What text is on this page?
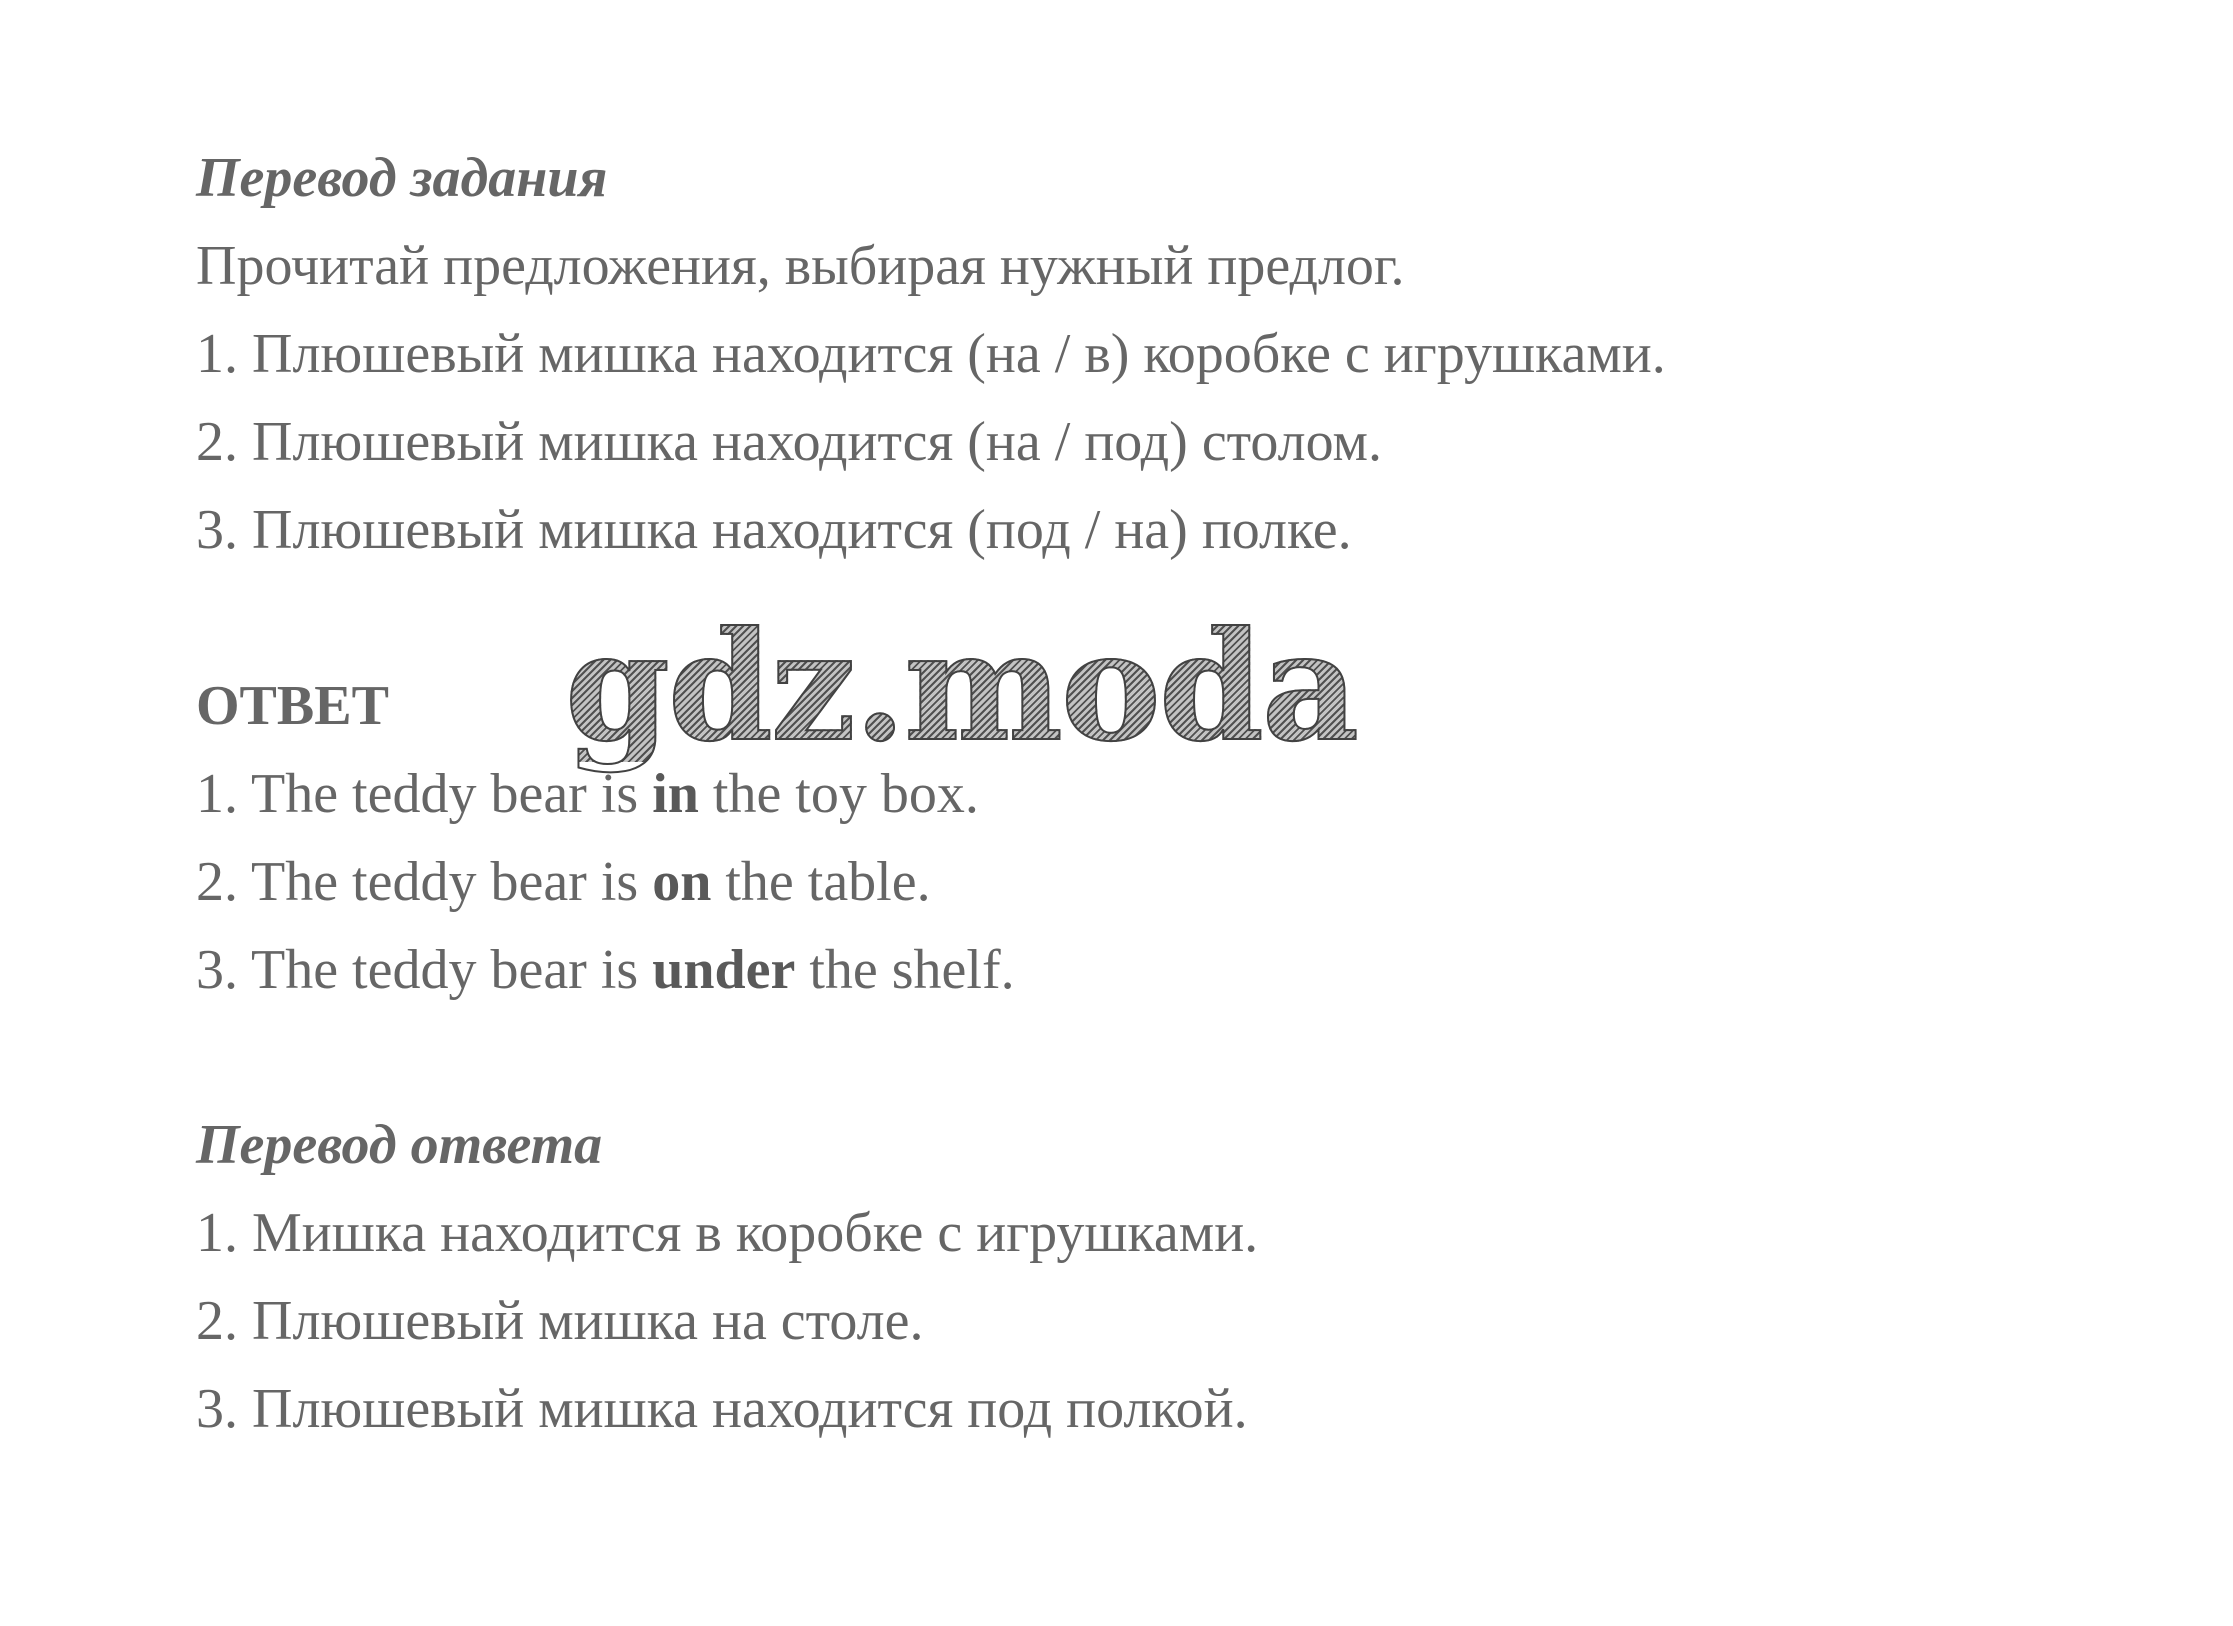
Перевод задания
Прочитай предложения, выбирая нужный предлог.
1. Плюшевый мишка находится (на / в) коробке с игрушками.
2. Плюшевый мишка находится (на / под) столом.
3. Плюшевый мишка находится (под / на) полке.
ОТВЕТ
1. The teddy bear is in the toy box.
2. The teddy bear is on the table.
3. The teddy bear is under the shelf.
Перевод ответа
1. Мишка находится в коробке с игрушками.
2. Плюшевый мишка на столе.
3. Плюшевый мишка находится под полкой.
gdz.moda
